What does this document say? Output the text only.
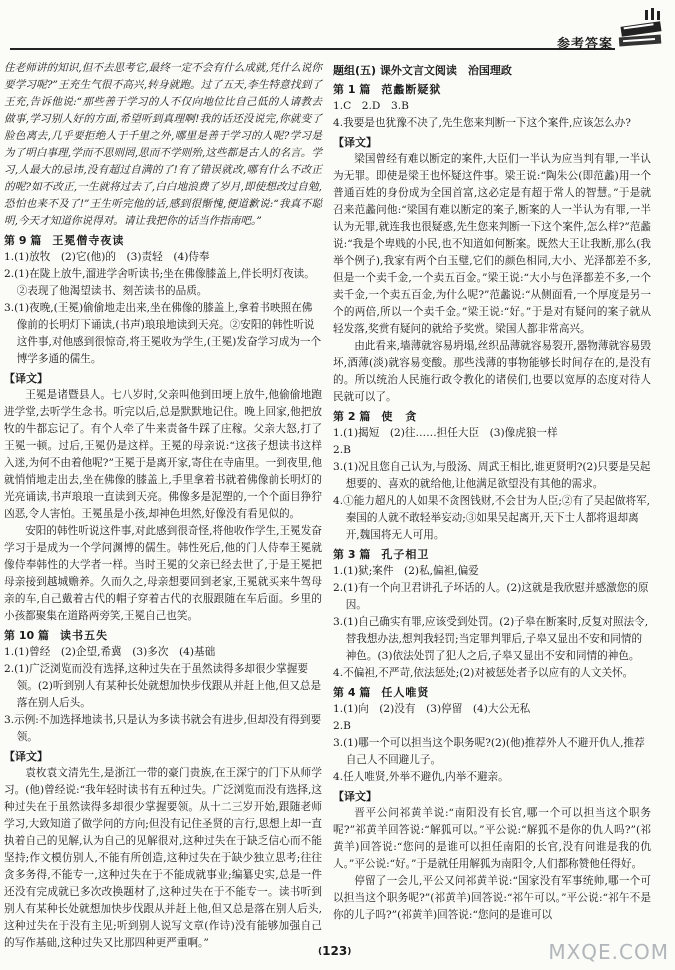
参考答案

住老师讲的知识,但不去思考它,最终一定不会有什么成就,凭什么说你要学习呢?”王充生气很不高兴,转身就跑。过了五天,李生特意找到了王充,告诉他说:“那些善于学习的人不仅向地位比自己低的人请教去做事,学习别人好的方面,希望听到真理啊!我的话还没说完,你就变了脸色离去,几乎要拒绝人于千里之外,哪里是善于学习的人呢?学习是为了明白事理,学而不思则罔,思而不学则殆,这些都是古人的名言。学习,人最大的忌讳,没有超过自满的了!有了错误就改,哪有什么不改正的呢?如不改正,一生就将过去了,白白地浪费了岁月,即使想改过自勉,恐怕也来不及了!”王生听完他的话,感到很惭愧,便道歉说:“我真不聪明,今天才知道你说得对。请让我把你的话当作指南吧。”

第 9 篇　 王冕僧寺夜读

1.(1)放牧　(2)它(他)的　(3)责轻　(4)侍奉

2.(1)在陇上放牛,溜进学舍听读书;坐在佛像膝盖上,伴长明灯夜读。②表现了他渴望读书、刻苦读书的品质。

3.(1)夜晚,(王冕)偷偷地走出来,坐在佛像的膝盖上,拿着书映照在佛像前的长明灯下诵读,(书声)琅琅地读到天亮。②安阳的韩性听说这件事,对他感到很惊奇,将王冕收为学生,(王冕)发奋学习成为一个博学多通的儒生。

【译文】

王冕是诸暨县人。七八岁时,父亲叫他到田埂上放牛,他偷偷地跑进学堂,去听学生念书。听完以后,总是默默地记住。晚上回家,他把放牧的牛都忘记了。有个人牵了牛来责备牛踩了庄稼。父亲大怒,打了王冕一顿。过后,王冕仍是这样。王冕的母亲说:“这孩子想读书这样入迷,为何不由着他呢?”王冕于是离开家,寄住在寺庙里。一到夜里,他就悄悄地走出去,坐在佛像的膝盖上,手里拿着书就着佛像前长明灯的光亮诵读,书声琅琅一直读到天亮。佛像多是泥塑的,一个个面目狰狞凶恶,令人害怕。王冕虽是小孩,却神色坦然,好像没有看见似的。

安阳的韩性听说这件事,对此感到很奇怪,将他收作学生,王冕发奋学习于是成为一个学问渊博的儒生。韩性死后,他的门人侍奉王冕就像侍奉韩性的大学者一样。当时王冕的父亲已经去世了,于是王冕把母亲接到越城赡养。久而久之,母亲想要回到老家,王冕就买来牛驾母亲的车,自己戴着古代的帽子穿着古代的衣服跟随在车后面。乡里的小孩都聚集在道路两旁笑,王冕自己也笑。

第 10 篇　 读书五失

1.(1)曾经　(2)企望,希冀　(3)多次　(4)基础

2.(1)广泛浏览而没有选择,这种过失在于虽然读得多却很少掌握要领。(2)听到别人有某种长处就想加快步伐跟从并赶上他,但又总是落在别人后头。

3.示例:不加选择地读书,只是认为多读书就会有进步,但却没有得到要领。

【译文】

袁枚袁文清先生,是浙江一带的豪门贵族,在王深宁的门下从师学习。(他)曾经说:“我年轻时读书有五种过失。广泛浏览而没有选择,这种过失在于虽然读得多却很少掌握要领。从十二三岁开始,跟随老师学习,大致知道了做学问的方向;但没有记住圣贤的言行,思想上却一直执着自己的见解,认为自己的见解很对,这种过失在于缺乏信心而不能坚持;作文模仿别人,不能有所创造,这种过失在于缺少独立思考;往往贪多务得,不能专一,这种过失在于不能成就事业;编纂史实,总是一件还没有完成就已多次改换题材了,这种过失在于不能专一。读书听到别人有某种长处就想加快步伐跟从并赶上他,但又总是落在别人后头,这种过失在于没有主见;听到别人说写文章(作诗)没有能够加强自己的写作基础,这种过失又比那四种更严重啊。”

题组(五) 课外文言文阅读　治国理政

第 1 篇　 范蠡断疑狱

1.C　2.D　3.B

4.我要是也犹豫不决了,先生您来判断一下这个案件,应该怎么办?

【译文】

梁国曾经有难以断定的案件,大臣们一半认为应当判有罪,一半认为无罪。即使是梁王也怀疑这件事。梁王说:“陶朱公(即范蠡)用一个普通百姓的身份成为全国首富,这必定是有超于常人的智慧。”于是就召来范蠡问他:“梁国有难以断定的案子,断案的人一半认为有罪,一半认为无罪,就连我也很疑惑,先生您来判断一下这个案件,怎么样?”范蠡说:“我是个卑贱的小民,也不知道如何断案。既然大王让我断,那么(我举个例子),我家有两个白玉璧,它们的颜色相同,大小、光泽都差不多,但是一个卖千金,一个卖五百金。”梁王说:“大小与色泽都差不多,一个卖千金,一个卖五百金,为什么呢?”范蠡说:“从侧面看,一个厚度是另一个的两倍,所以一个卖千金。”梁王说:“好。”于是对有疑问的案子就从轻发落,奖赏有疑问的就给予奖赏。梁国人都非常高兴。

由此看来,墙薄就容易坍塌,丝织品薄就容易裂开,器物薄就容易毁坏,酒薄(淡)就容易变酸。那些浅薄的事物能够长时间存在的,是没有的。所以统治人民施行政令教化的诸侯们,也要以宽厚的态度对待人民就可以了。

第 2 篇　 使　贪

1.(1)揭短　(2)往……担任大臣　(3)像虎狼一样

2.B

3.(1)况且您自己认为,与殷汤、周武王相比,谁更贤明?(2)只要是吴起想要的、喜欢的就给他,让他满足欲望没有其他的需求。

4.①能力超凡的人如果不贪图钱财,不会甘为人臣;②有了吴起做将军,秦国的人就不敢轻举妄动;③如果吴起离开,天下士人都将退却离开,魏国将无人可用。

第 3 篇　 孔子相卫

1.(1)狱;案件　(2)私,偏袒,偏爱

2.(1)有一个向卫君讲孔子坏话的人。(2)这就是我欣慰并感激您的原因。

3.(1)自己确实有罪,应该受到处罚。(2)子皋在断案时,反复对照法令,替我想办法,想判我轻罚;当定罪判罪后,子皋又显出不安和同情的神色。(3)依法处罚了犯人之后,子皋又显出不安和同情的神色。

4.不偏袒,不严苛,依法惩处;(2)对被惩处者予以应有的人文关怀。

第 4 篇　 任人唯贤

1.(1)向　(2)没有　(3)停留　(4)大公无私

2.B

3.(1)哪一个可以担当这个职务呢?(2)(他)推荐外人不避开仇人,推荐自己人不回避儿子。

4.任人唯贤,外举不避仇,内举不避亲。

【译文】

晋平公问祁黄羊说:“南阳没有长官,哪一个可以担当这个职务呢?”祁黄羊回答说:“解狐可以。”平公说:“解狐不是你的仇人吗?”(祁黄羊)回答说:“您问的是谁可以担任南阳的长官,没有问谁是我的仇人。”平公说:“好。”于是就任用解狐为南阳令,人们都称赞他任得好。

停留了一会儿,平公又问祁黄羊说:“国家没有军事统帅,哪一个可以担当这个职务呢?”(祁黄羊)回答说:“祁午可以。”平公说:“祁午不是你的儿子吗?”(祁黄羊)回答说:“您问的是谁可以

(123)	MXQE.COM
